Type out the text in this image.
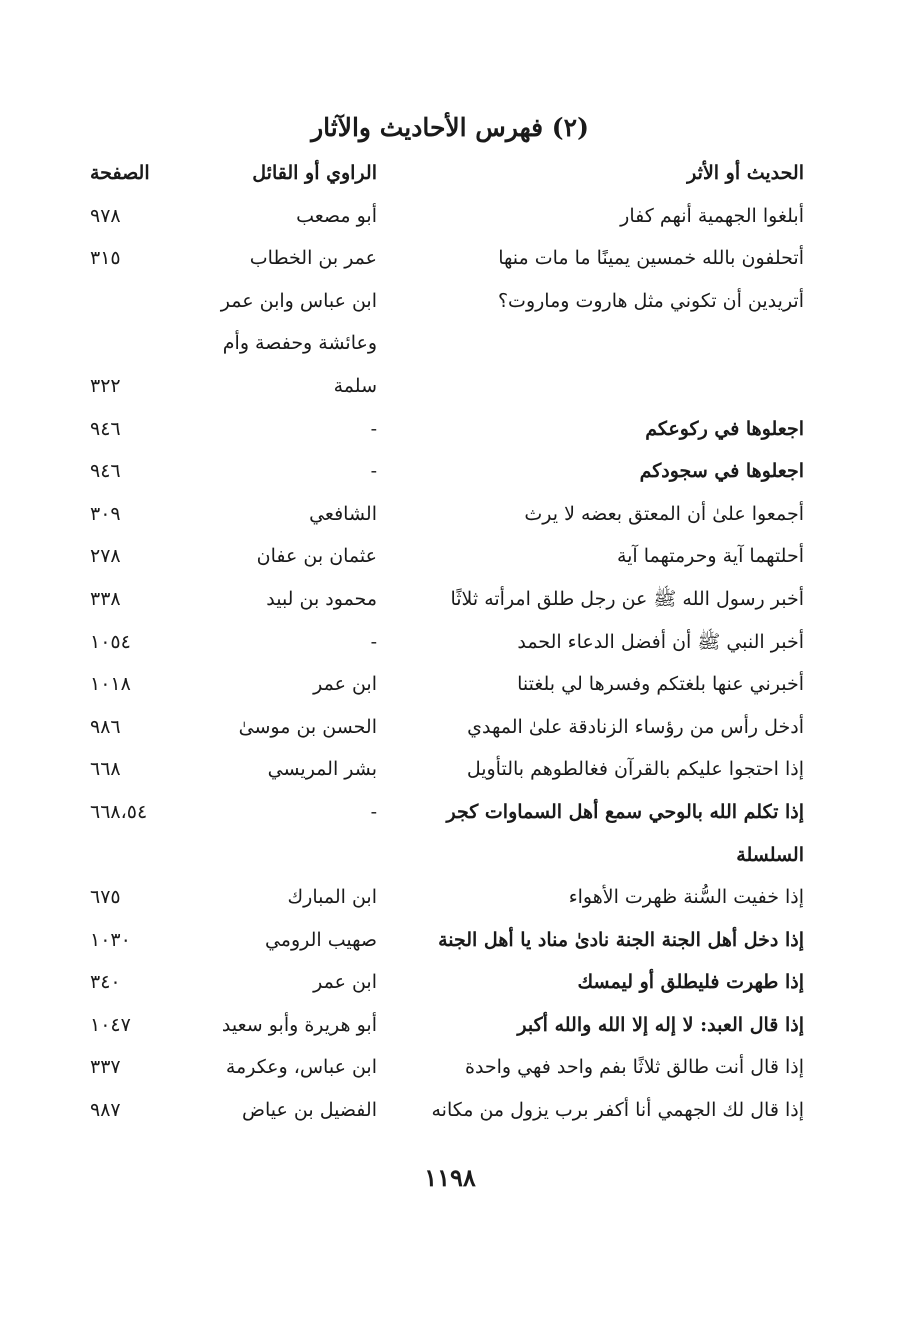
(٢) فهرس الأحاديث والآثار
الحديث أو الأثر	الراوي أو القائل	الصفحة
أبلغوا الجهمية أنهم كفار	أبو مصعب	٩٧٨
أتحلفون بالله خمسين يمينًا ما مات منها	عمر بن الخطاب	٣١٥
أتريدين أن تكوني مثل هاروت وماروت؟	ابن عباس وابن عمر وعائشة وحفصة وأم سلمة	٣٢٢
اجعلوها في ركوعكم	-	٩٤٦
اجعلوها في سجودكم	-	٩٤٦
أجمعوا علىٰ أن المعتق بعضه لا يرث	الشافعي	٣٠٩
أحلتهما آية وحرمتهما آية	عثمان بن عفان	٢٧٨
أخبر رسول الله ﷺ عن رجل طلق امرأته ثلاثًا	محمود بن لبيد	٣٣٨
أخبر النبي ﷺ أن أفضل الدعاء الحمد	-	١٠٥٤
أخبرني عنها بلغتكم وفسرها لي بلغتنا	ابن عمر	١٠١٨
أدخل رأس من رؤساء الزنادقة علىٰ المهدي	الحسن بن موسىٰ	٩٨٦
إذا احتجوا عليكم بالقرآن فغالطوهم بالتأويل	بشر المريسي	٦٦٨
إذا تكلم الله بالوحي سمع أهل السماوات كجر السلسلة	-	٦٦٨،٥٤
إذا خفيت السُّنة ظهرت الأهواء	ابن المبارك	٦٧٥
إذا دخل أهل الجنة الجنة نادىٰ مناد يا أهل الجنة	صهيب الرومي	١٠٣٠
إذا طهرت فليطلق أو ليمسك	ابن عمر	٣٤٠
إذا قال العبد: لا إله إلا الله والله أكبر	أبو هريرة وأبو سعيد	١٠٤٧
إذا قال أنت طالق ثلاثًا بفم واحد فهي واحدة	ابن عباس، وعكرمة	٣٣٧
إذا قال لك الجهمي أنا أكفر برب يزول من مكانه	الفضيل بن عياض	٩٨٧
١١٩٨
